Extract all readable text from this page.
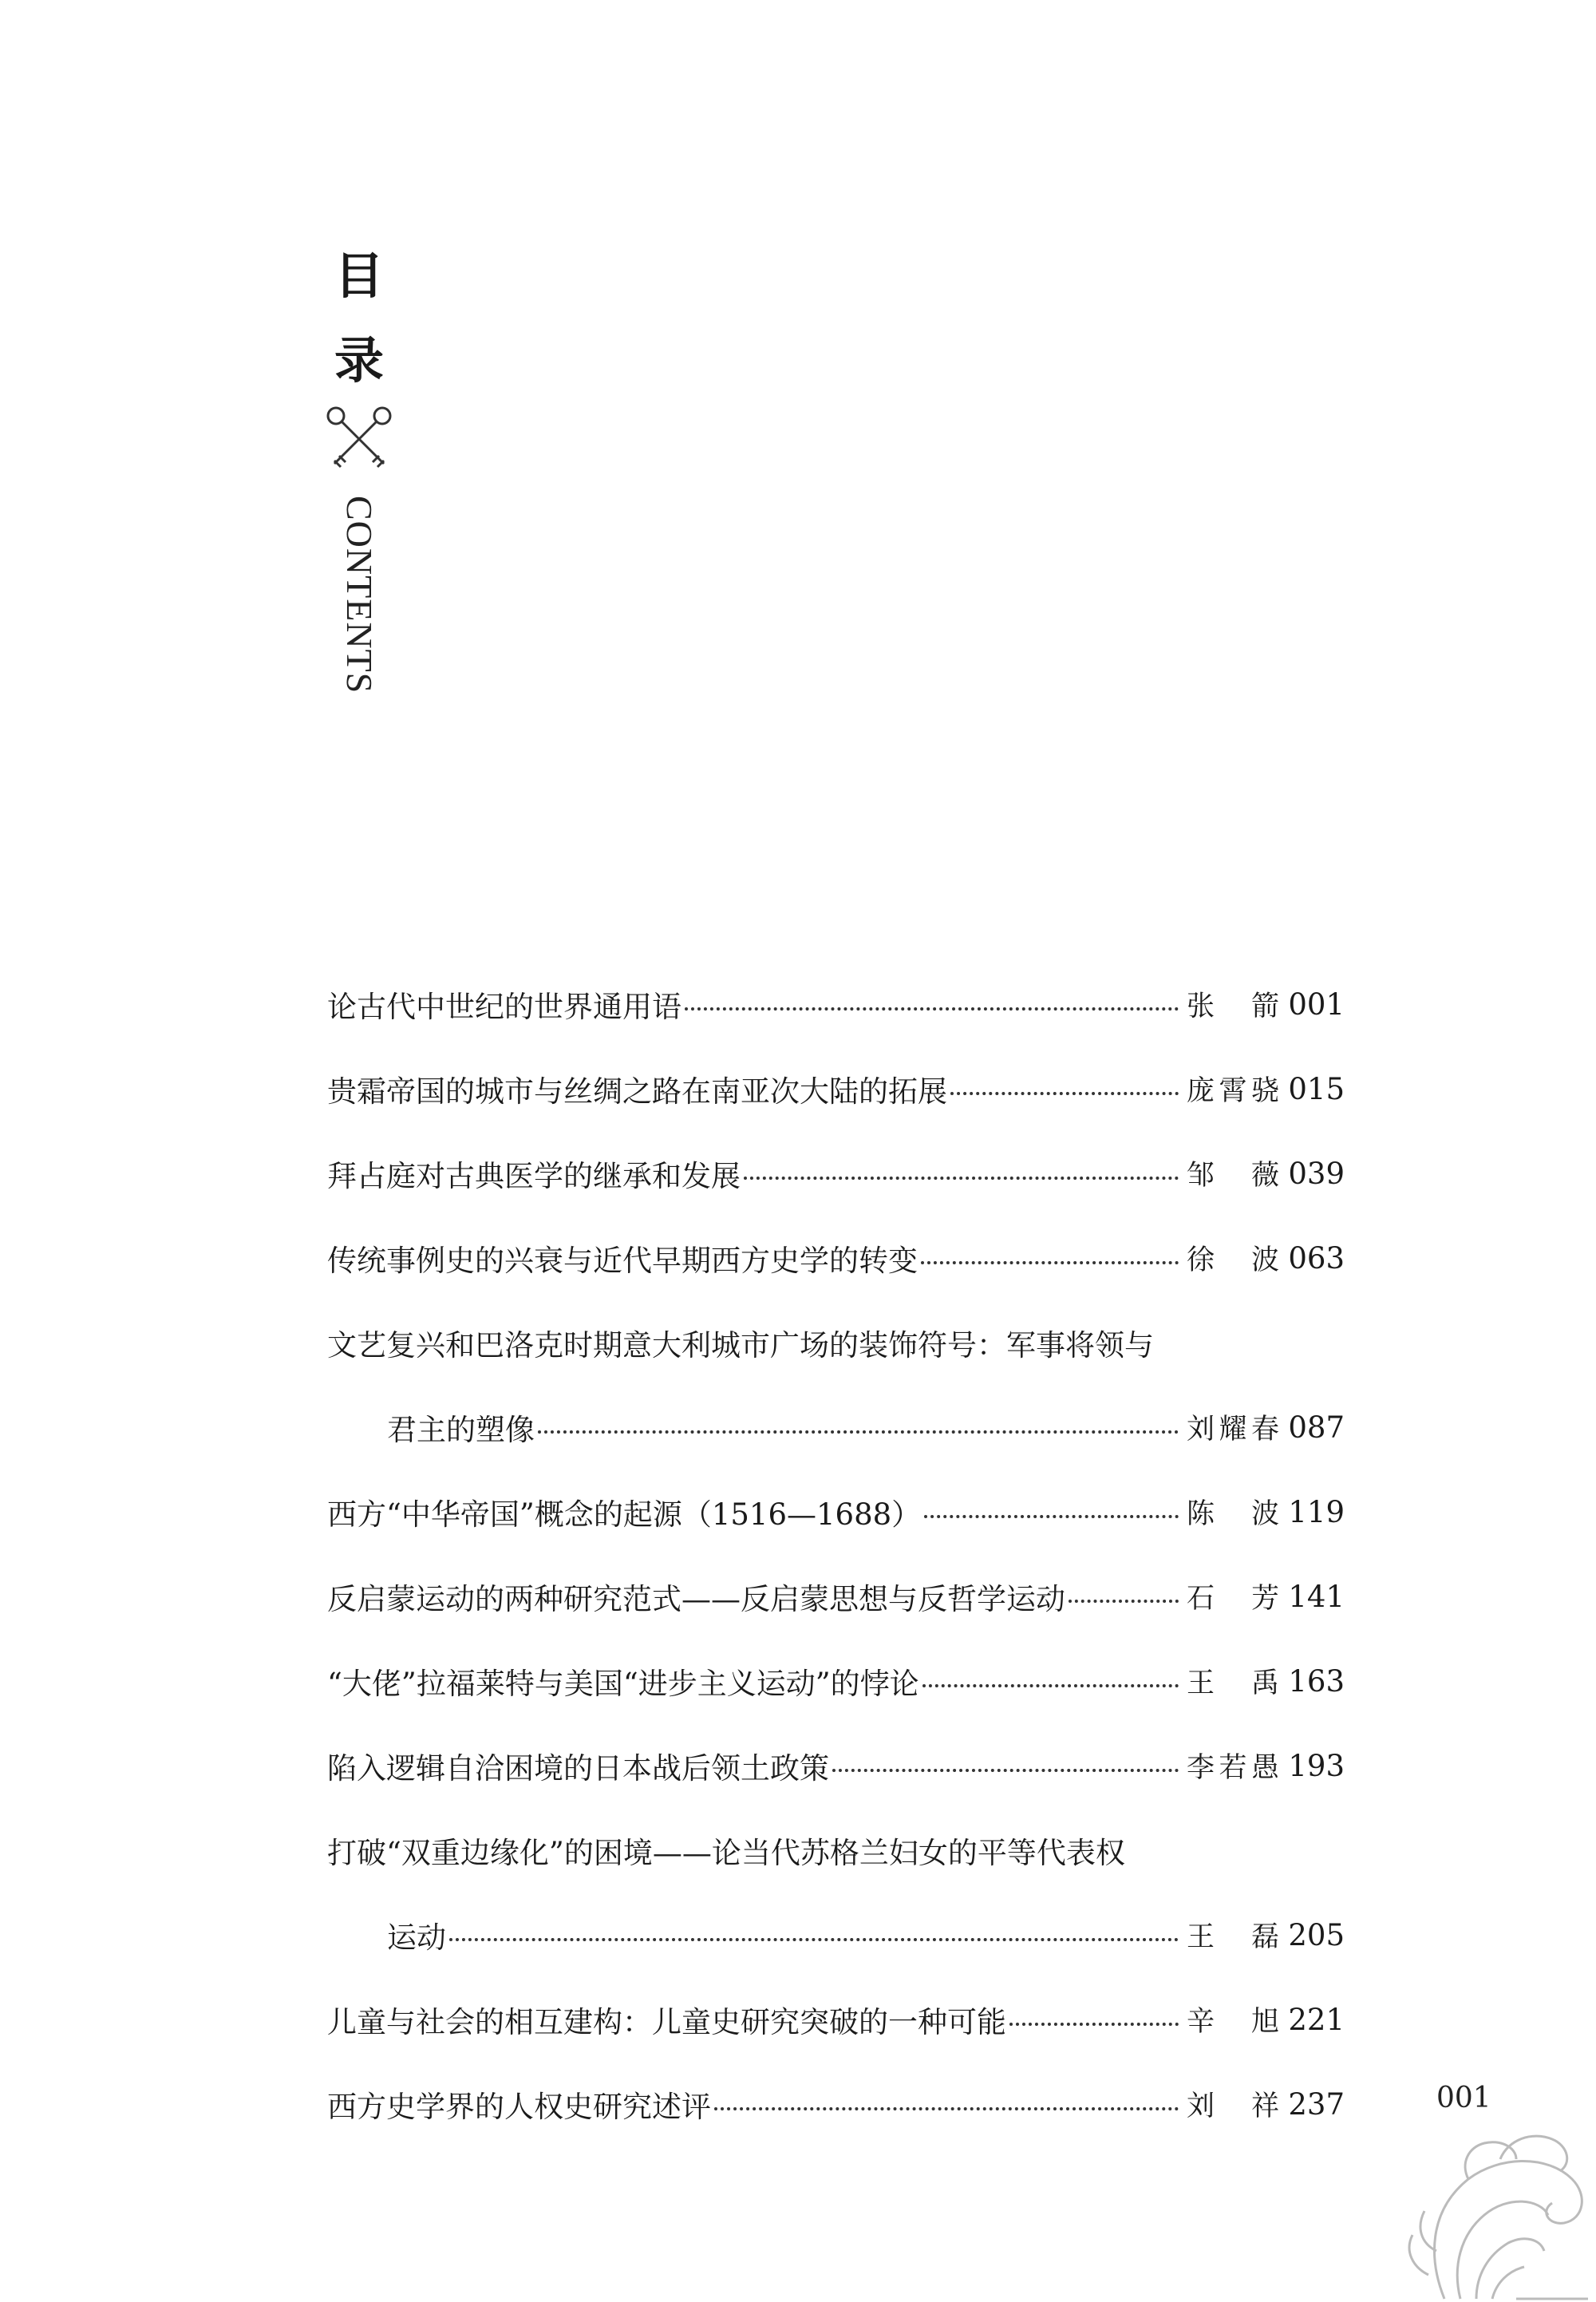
目
录
CONTENTS
论古代中世纪的世界通用语	张箭 001
贵霜帝国的城市与丝绸之路在南亚次大陆的拓展	庞霄骁 015
拜占庭对古典医学的继承和发展	邹薇 039
传统事例史的兴衰与近代早期西方史学的转变	徐波 063
文艺复兴和巴洛克时期意大利城市广场的装饰符号：军事将领与
君主的塑像	刘耀春 087
西方“中华帝国”概念的起源（1516—1688）	陈波 119
反启蒙运动的两种研究范式——反启蒙思想与反哲学运动	石芳 141
“大佬”拉福莱特与美国“进步主义运动”的悖论	王禹 163
陷入逻辑自洽困境的日本战后领土政策	李若愚 193
打破“双重边缘化”的困境——论当代苏格兰妇女的平等代表权
运动	王磊 205
儿童与社会的相互建构：儿童史研究突破的一种可能	辛旭 221
西方史学界的人权史研究述评	刘祥 237	001
